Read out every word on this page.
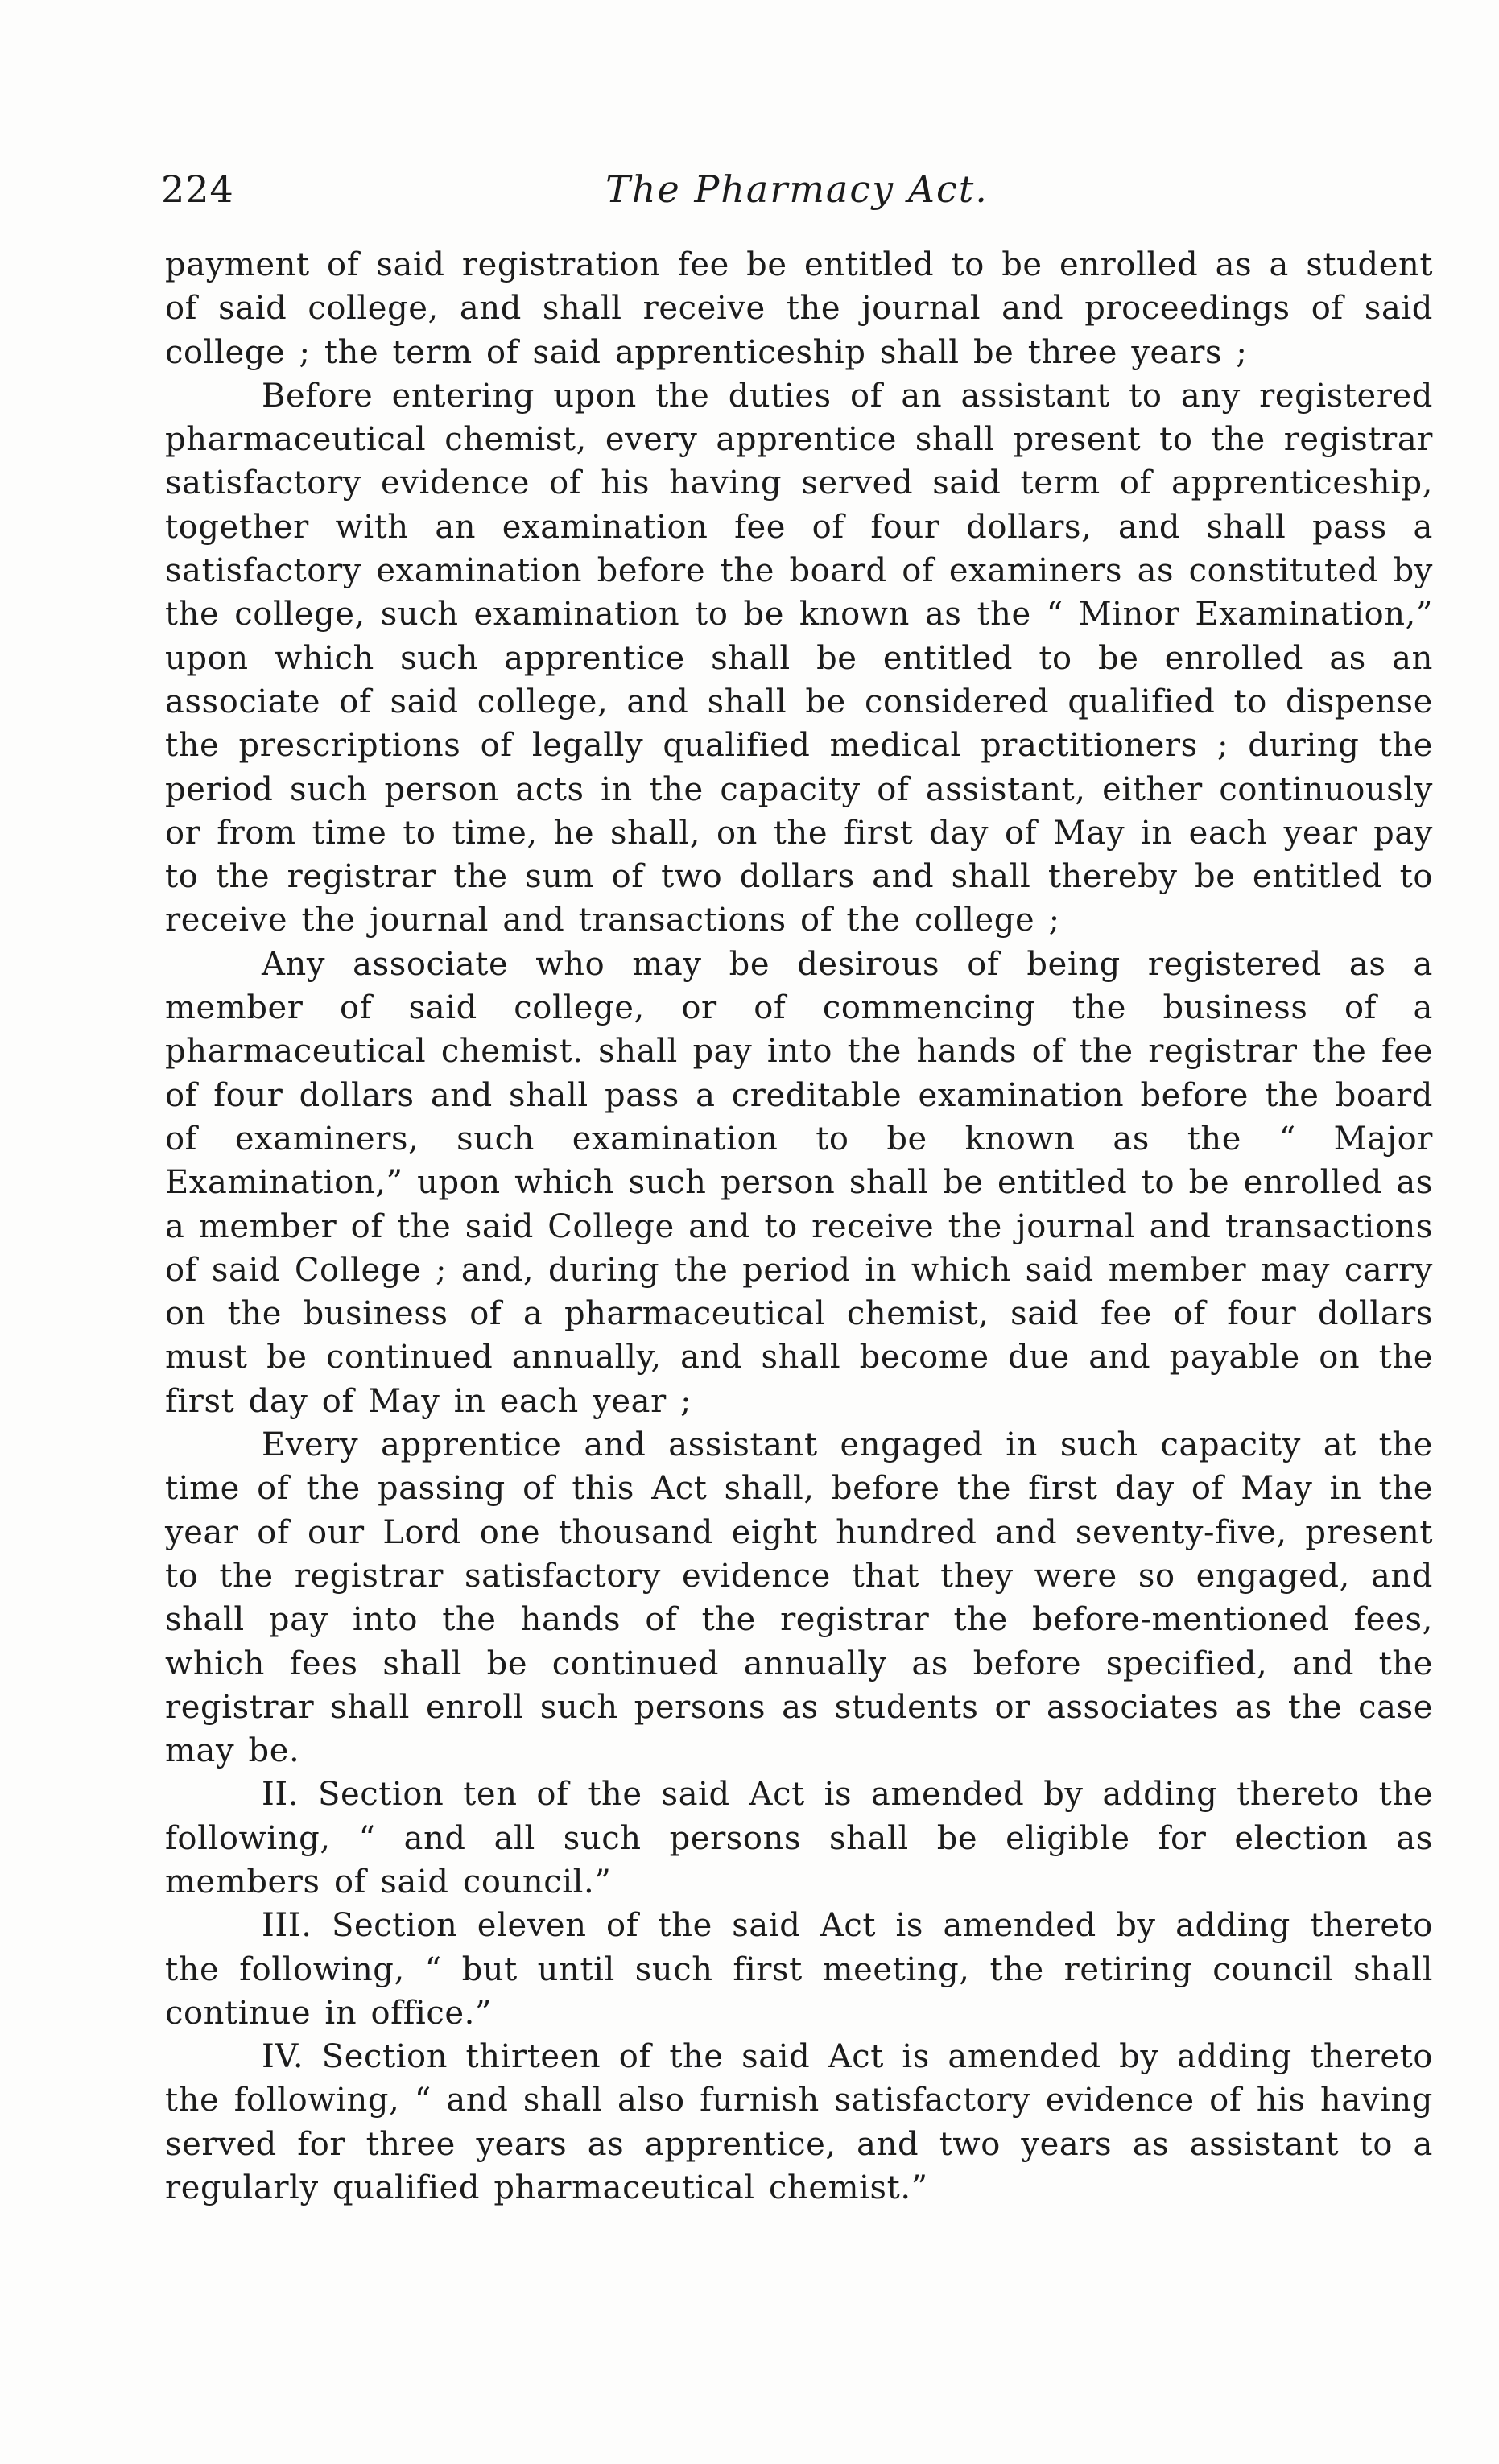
224	The Pharmacy Act.

payment of said registration fee be entitled to be enrolled as a student of said college, and shall receive the journal and proceedings of said college ; the term of said apprenticeship shall be three years ;

Before entering upon the duties of an assistant to any registered pharmaceutical chemist, every apprentice shall present to the registrar satisfactory evidence of his having served said term of apprenticeship, together with an examination fee of four dollars, and shall pass a satisfactory examination before the board of examiners as constituted by the college, such examination to be known as the “ Minor Examination,” upon which such apprentice shall be entitled to be enrolled as an associate of said college, and shall be considered qualified to dispense the prescriptions of legally qualified medical practitioners ; during the period such person acts in the capacity of assistant, either continuously or from time to time, he shall, on the first day of May in each year pay to the registrar the sum of two dollars and shall thereby be entitled to receive the journal and transactions of the college ;

Any associate who may be desirous of being registered as a member of said college, or of commencing the business of a pharmaceutical chemist. shall pay into the hands of the registrar the fee of four dollars and shall pass a creditable examination before the board of examiners, such examination to be known as the “ Major Examination,” upon which such person shall be entitled to be enrolled as a member of the said College and to receive the journal and transactions of said College ; and, during the period in which said member may carry on the business of a pharmaceutical chemist, said fee of four dollars must be continued annually, and shall become due and payable on the first day of May in each year ;

Every apprentice and assistant engaged in such capacity at the time of the passing of this Act shall, before the first day of May in the year of our Lord one thousand eight hundred and seventy-five, present to the registrar satisfactory evidence that they were so engaged, and shall pay into the hands of the registrar the before-mentioned fees, which fees shall be continued annually as before specified, and the registrar shall enroll such persons as students or associates as the case may be.

II. Section ten of the said Act is amended by adding thereto the following, “ and all such persons shall be eligible for election as members of said council.”

III. Section eleven of the said Act is amended by adding thereto the following, “ but until such first meeting, the retiring council shall continue in office.”

IV. Section thirteen of the said Act is amended by adding thereto the following, “ and shall also furnish satisfactory evidence of his having served for three years as apprentice, and two years as assistant to a regularly qualified pharmaceutical chemist.”
